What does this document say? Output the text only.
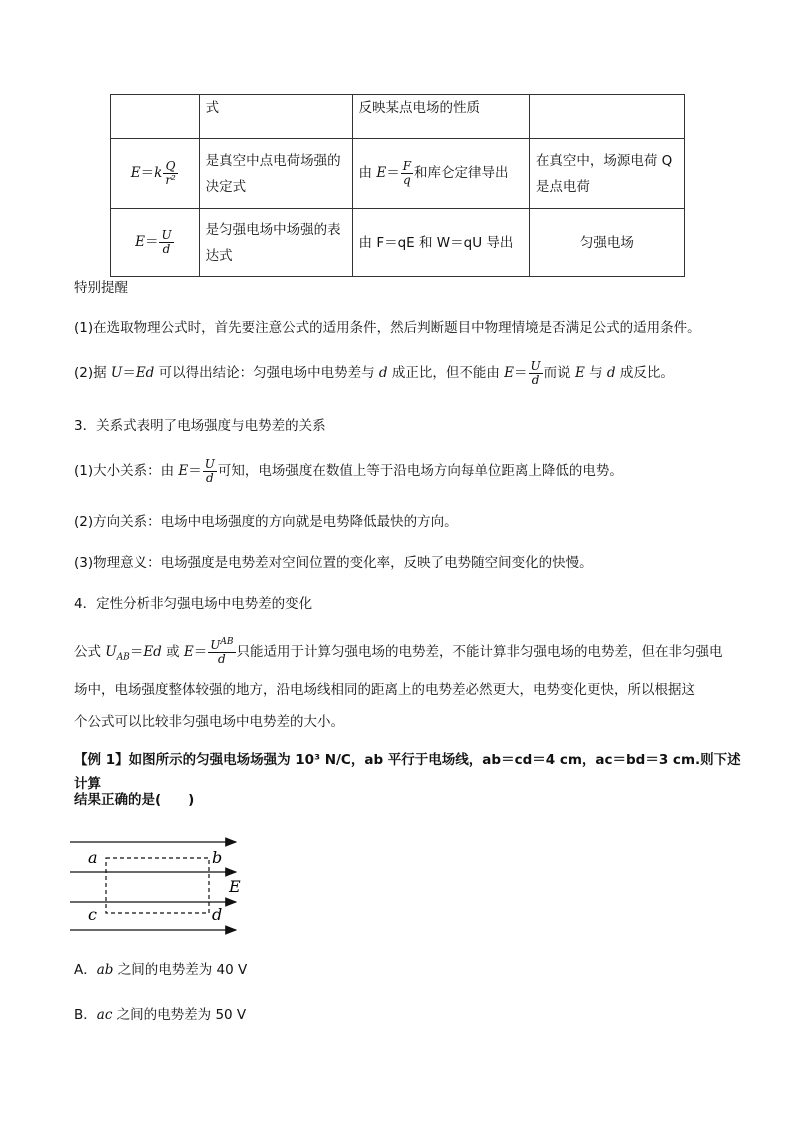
	式	反映某点电场的性质	
$E=k \frac{Q}{\text{r²}}$	是真空中点电荷场强的决定式	由 $E= \frac{F}{q}$ 和库仑定律导出	在真空中，场源电荷 Q 是点电荷
$E= \frac{U}{d}$	是匀强电场中场强的表达式	由 F＝qE 和 W＝qU 导出	匀强电场
特别提醒
(1)在选取物理公式时，首先要注意公式的适用条件，然后判断题目中物理情境是否满足公式的适用条件。
(2)据 U＝Ed 可以得出结论：匀强电场中电势差与 d 成正比，但不能由 $E= \frac{U}{d}$ 而说 E 与 d 成反比。
3．关系式表明了电场强度与电势差的关系
(1)大小关系：由 $E= \frac{U}{d}$ 可知，电场强度在数值上等于沿电场方向每单位距离上降低的电势。
(2)方向关系：电场中电场强度的方向就是电势降低最快的方向。
(3)物理意义：电场强度是电势差对空间位置的变化率，反映了电势随空间变化的快慢。
4．定性分析非匀强电场中电势差的变化
公式 $U_{AB}=Ed$ 或 $E= \frac{U^{AB}}{d}$ 只能适用于计算匀强电场的电势差，不能计算非匀强电场的电势差，但在非匀强电
场中，电场强度整体较强的地方，沿电场线相同的距离上的电势差必然更大，电势变化更快，所以根据这
个公式可以比较非匀强电场中电势差的大小。
【例 1】如图所示的匀强电场场强为 10³ N/C，ab 平行于电场线，ab＝cd＝4 cm，ac＝bd＝3 cm.则下述计算
结果正确的是(　　)
a	b
c	d
E
A．ab 之间的电势差为 40 V
B．ac 之间的电势差为 50 V
